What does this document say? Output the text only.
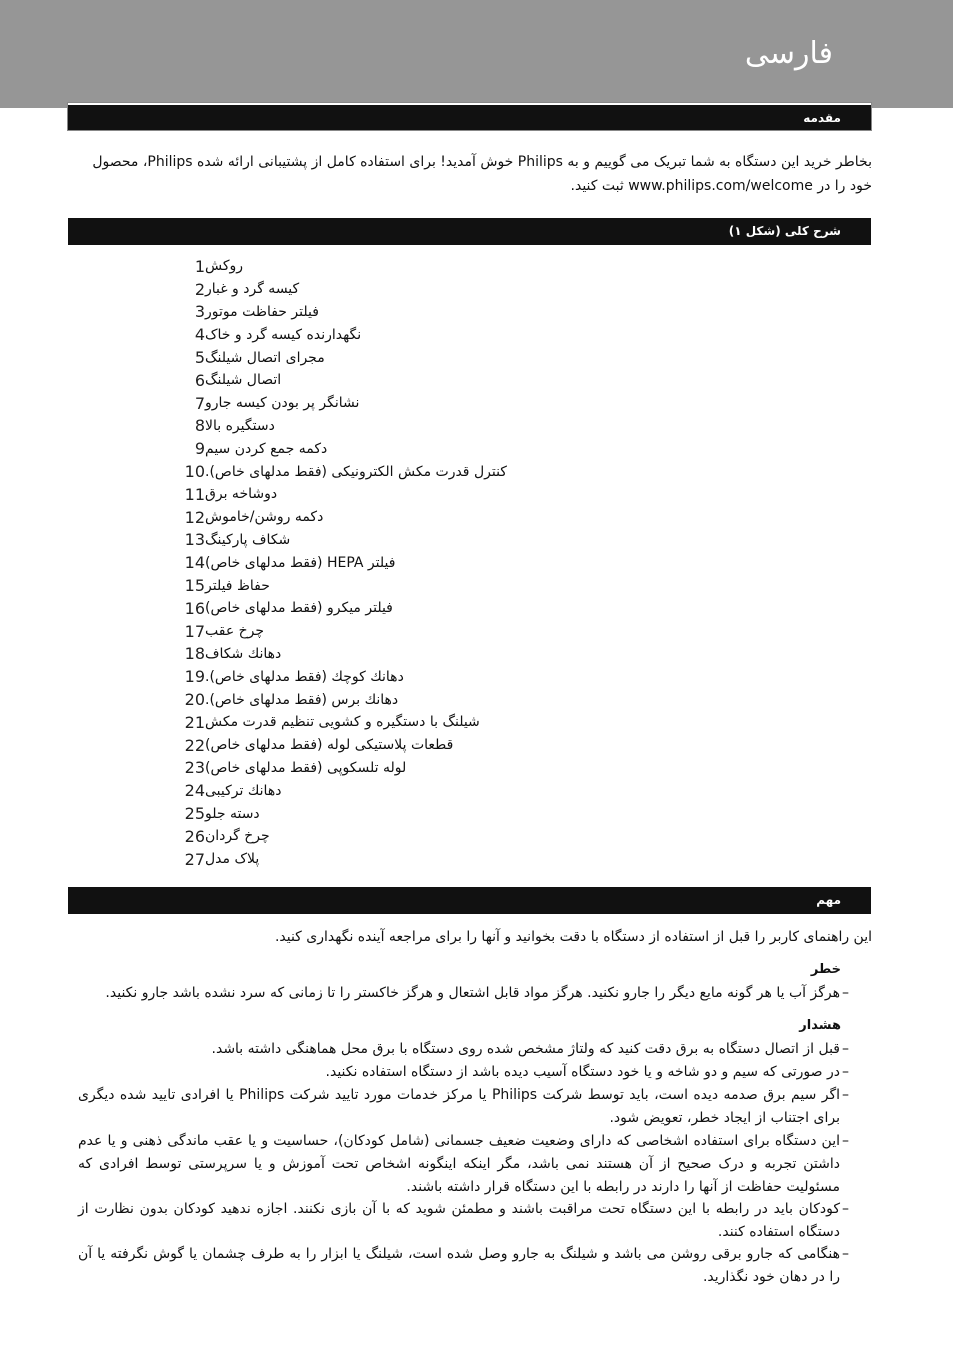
فارسی
مقدمه
بخاطر خرید این دستگاه به شما تبریک می گوییم و به Philips خوش آمدید! برای استفاده کامل از پشتیبانی ارائه شده Philips، محصول خود را در www.philips.com/welcome ثبت کنید.
شرح کلی (شکل ۱)
1 روکش
2 کیسه گرد و غبار
3 فیلتر حفاظت موتور
4 نگهدارنده کیسه گرد و خاک
5 مجرای اتصال شیلنگ
6 اتصال شیلنگ
7 نشانگر پر بودن کیسه جارو
8 دستگیره بالا
9 دکمه جمع کردن سیم
10 کنترل قدرت مکش الکترونیکی (فقط مدلهای خاص).
11 دوشاخه برق
12 دکمه روشن/خاموش
13 شکاف پارکینگ
14 فیلتر HEPA (فقط مدلهای خاص)
15 حفاظ فیلتر
16 فیلتر میکرو (فقط مدلهای خاص)
17 چرخ عقب
18 دهانك شكاف
19 دهانك كوچك (فقط مدلهای خاص).
20 دهانك برس (فقط مدلهای خاص).
21 شیلنگ با دستگیره و کشویی تنظیم قدرت مکش
22 قطعات پلاستیکی لوله (فقط مدلهای خاص)
23 لوله تلسکوپی (فقط مدلهای خاص)
24 دهانك تركيبی
25 دسته جلو
26 چرخ گردان
27 پلاک مدل
مهم
این راهنمای کاربر را قبل از استفاده از دستگاه با دقت بخوانید و آنها را برای مراجعه آینده نگهداری کنید.
خطر
–
هرگز آب یا هر گونه مایع دیگر را جارو نکنید. هرگز مواد قابل اشتعال و هرگز خاکستر را تا زمانی که سرد نشده باشد جارو نکنید.
هشدار
–
قبل از اتصال دستگاه به برق دقت کنید که ولتاژ مشخص شده روی دستگاه با برق محل هماهنگی داشته باشد.
–
در صورتی که سیم و دو شاخه و یا خود دستگاه آسیب دیده باشد از دستگاه استفاده نکنید.
–
اگر سیم برق صدمه دیده است، باید توسط شرکت Philips یا مرکز خدمات مورد تایید شرکت Philips یا افرادی تایید شده دیگری برای اجتناب از ایجاد خطر، تعویض شود.
–
این دستگاه برای استفاده اشخاصی که دارای وضعیت ضعیف جسمانی (شامل کودکان)، حساسیت و یا عقب ماندگی ذهنی و یا عدم داشتن تجربه و درک صحیح از آن هستند نمی باشد، مگر اینکه اینگونه اشخاص تحت آموزش و یا سرپرستی توسط افرادی که مسئولیت حفاظت از آنها را دارند در رابطه با این دستگاه قرار داشته باشند.
–
کودکان باید در رابطه با این دستگاه تحت مراقبت باشند و مطمئن شوید که با آن بازی نکنند. اجازه ندهید کودکان بدون نظارت از دستگاه استفاده کنند.
–
هنگامی که جارو برقی روشن می باشد و شیلنگ به جارو وصل شده است، شیلنگ یا ابزار را به طرف چشمان یا گوش نگرفته یا آن را در دهان خود نگذارید.
